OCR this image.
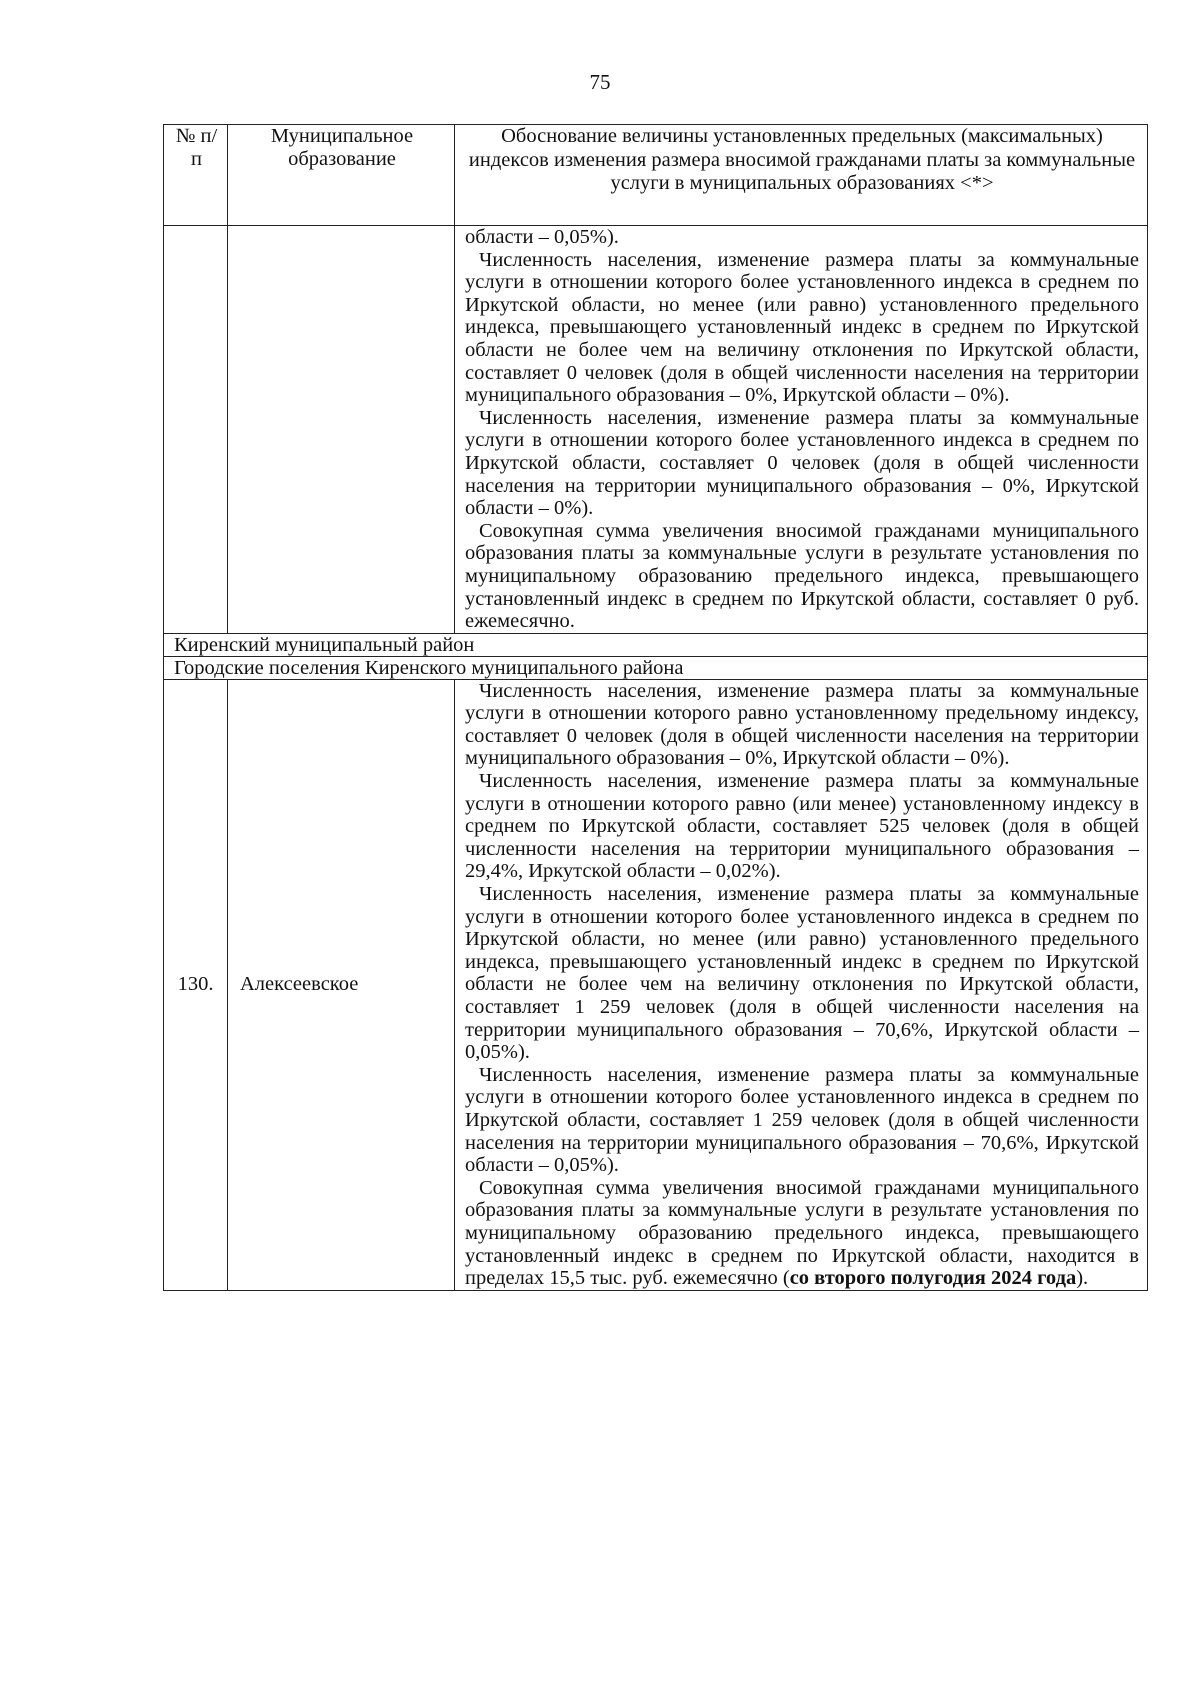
75
№ п/п	Муниципальное образование	Обоснование величины установленных предельных (максимальных) индексов изменения размера вносимой гражданами платы за коммунальные услуги в муниципальных образованиях <*>

		области – 0,05%).

Численность населения, изменение размера платы за коммунальные услуги в отношении которого более установленного индекса в среднем по Иркутской области, но менее (или равно) установленного предельного индекса, превышающего установленный индекс в среднем по Иркутской области не более чем на величину отклонения по Иркутской области, составляет 0 человек (доля в общей численности населения на территории муниципального образования – 0%, Иркутской области – 0%).

Численность населения, изменение размера платы за коммунальные услуги в отношении которого более установленного индекса в среднем по Иркутской области, составляет 0 человек (доля в общей численности населения на территории муниципального образования – 0%, Иркутской области – 0%).

Совокупная сумма увеличения вносимой гражданами муниципального образования платы за коммунальные услуги в результате установления по муниципальному образованию предельного индекса, превышающего установленный индекс в среднем по Иркутской области, составляет 0 руб. ежемесячно.

Киренский муниципальный район		
Городские поселения Киренского муниципального района		
130.	Алексеевское	Численность населения, изменение размера платы за коммунальные услуги в отношении которого равно установленному предельному индексу, составляет 0 человек (доля в общей численности населения на территории муниципального образования – 0%, Иркутской области – 0%).

Численность населения, изменение размера платы за коммунальные услуги в отношении которого равно (или менее) установленному индексу в среднем по Иркутской области, составляет 525 человек (доля в общей численности населения на территории муниципального образования – 29,4%, Иркутской области – 0,02%).

Численность населения, изменение размера платы за коммунальные услуги в отношении которого более установленного индекса в среднем по Иркутской области, но менее (или равно) установленного предельного индекса, превышающего установленный индекс в среднем по Иркутской области не более чем на величину отклонения по Иркутской области, составляет 1 259 человек (доля в общей численности населения на территории муниципального образования – 70,6%, Иркутской области – 0,05%).

Численность населения, изменение размера платы за коммунальные услуги в отношении которого более установленного индекса в среднем по Иркутской области, составляет 1 259 человек (доля в общей численности населения на территории муниципального образования – 70,6%, Иркутской области – 0,05%).

Совокупная сумма увеличения вносимой гражданами муниципального образования платы за коммунальные услуги в результате установления по муниципальному образованию предельного индекса, превышающего установленный индекс в среднем по Иркутской области, находится в пределах 15,5 тыс. руб. ежемесячно (со второго полугодия 2024 года).
